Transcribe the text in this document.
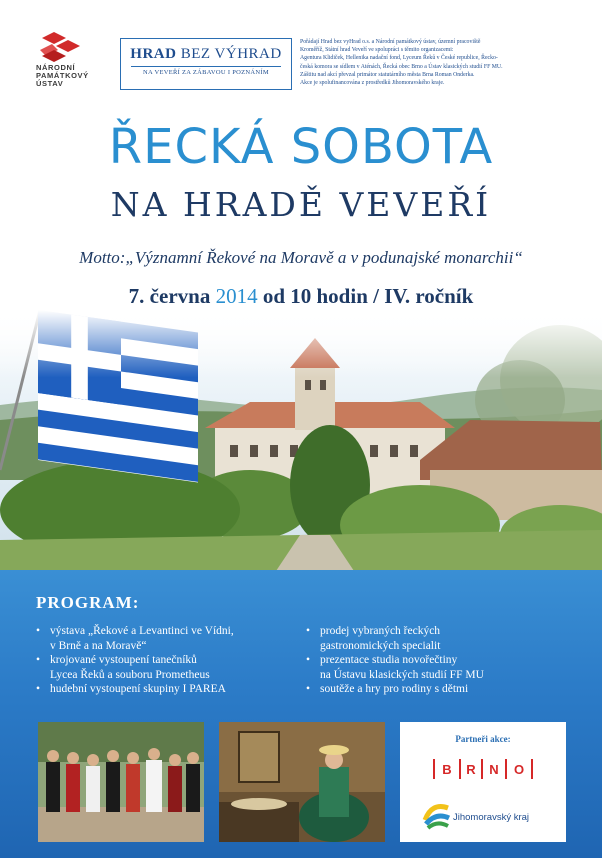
NÁRODNÍ
PAMÁTKOVÝ
ÚSTAV
HRAD BEZ VÝHRAD
NA VEVEŘÍ ZA ZÁBAVOU I POZNÁNÍM

Pořádají Hrad bez vyHrad o.s. a Národní památkový ústav, územní pracoviště

Kroměříž, Státní hrad Veveří ve spolupráci s těmito organizacemi:

Agentura Klidiček, Hellenika nadační fond, Lyceum Řeků v České republice, Řecko-

česká komora se sídlem v Aténách, Řecká obec Brno a Ústav klasických studií FF MU.

Záštitu nad akcí převzal primátor statutárního města Brna Roman Onderka.

Akce je spolufinancována z prostředků Jihomoravského kraje.

ŘECKÁ SOBOTA
NA HRADĚ VEVEŘÍ
Motto:„Významní Řekové na Moravě a v podunajské monarchii“
7. června 2014 od 10 hodin / IV. ročník
PROGRAM:
• výstava „Řekové a Levantinci ve Vídni,
v Brně a na Moravě“
• krojované vystoupení tanečníků
Lycea Řeků a souboru Prometheus
• hudební vystoupení skupiny I PAREA
• prodej vybraných řeckých
gastronomických specialit
• prezentace studia novořečtiny
na Ústavu klasických studií FF MU
• soutěže a hry pro rodiny s dětmi
Partneři akce:
B R N O
Jihomoravský kraj
